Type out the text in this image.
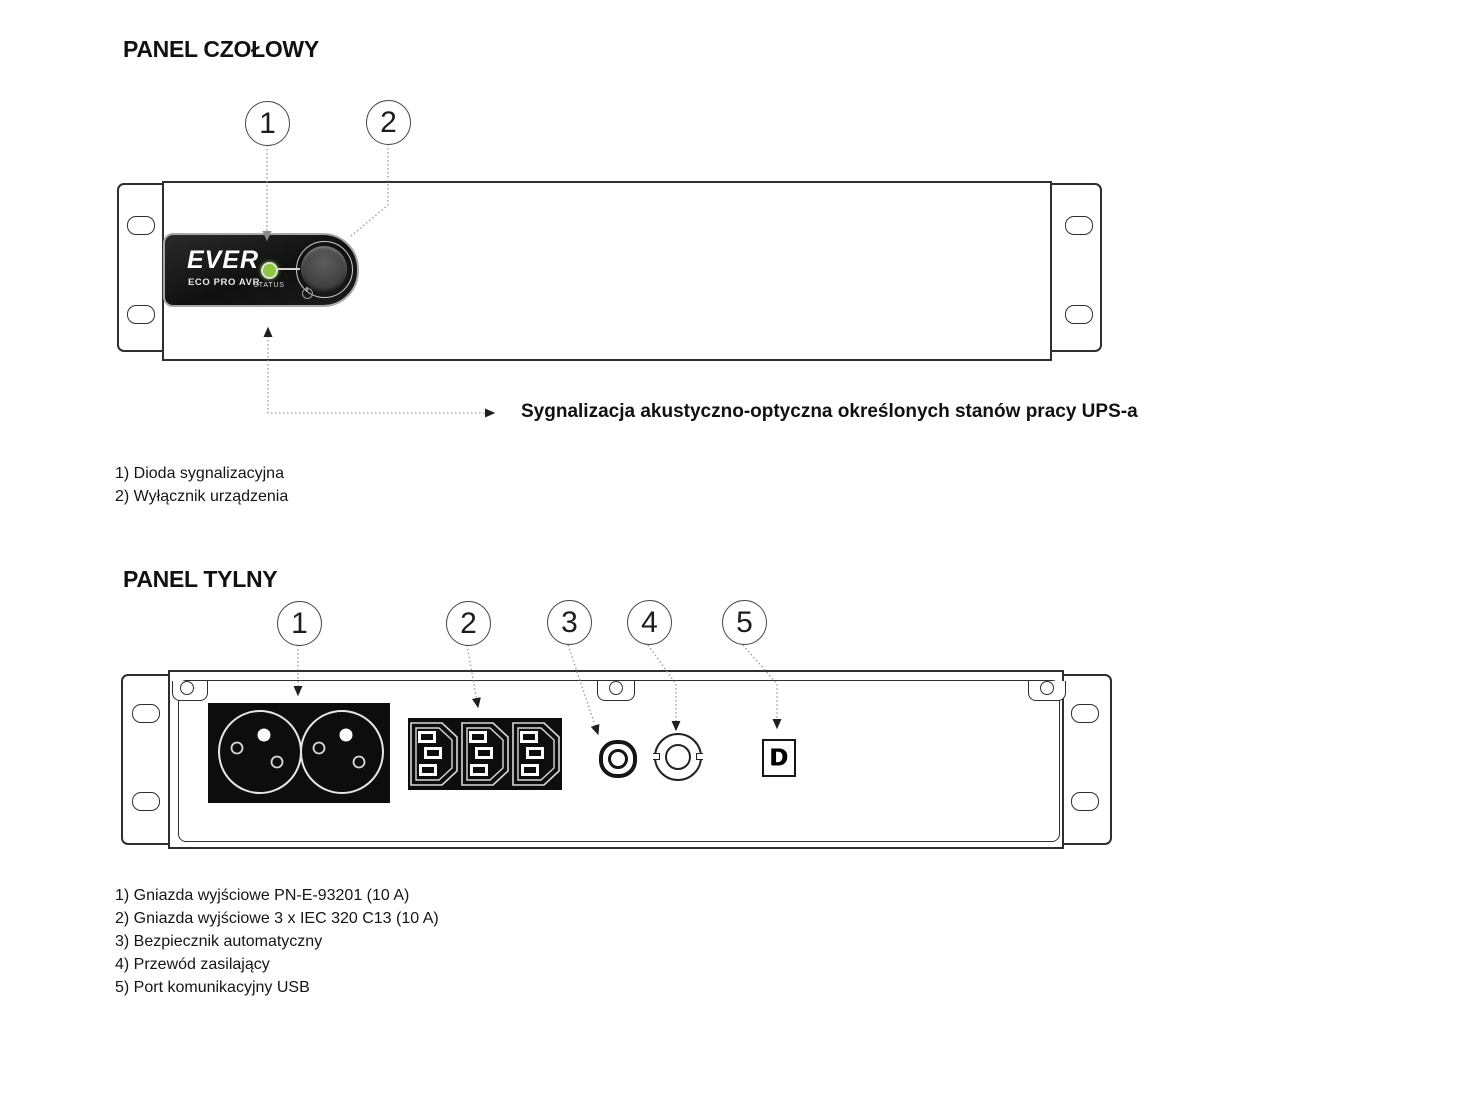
PANEL CZOŁOWY
1	2
EVER
ECO PRO AVR
STATUS
Sygnalizacja akustyczno-optyczna określonych stanów pracy UPS-a
1) Dioda sygnalizacyjna
2) Wyłącznik urządzenia
PANEL TYLNY
1	2	3 4	5
D
1) Gniazda wyjściowe PN-E-93201 (10 A)
2) Gniazda wyjściowe 3 x IEC 320 C13 (10 A)
3) Bezpiecznik automatyczny
4) Przewód zasilający
5) Port komunikacyjny USB
